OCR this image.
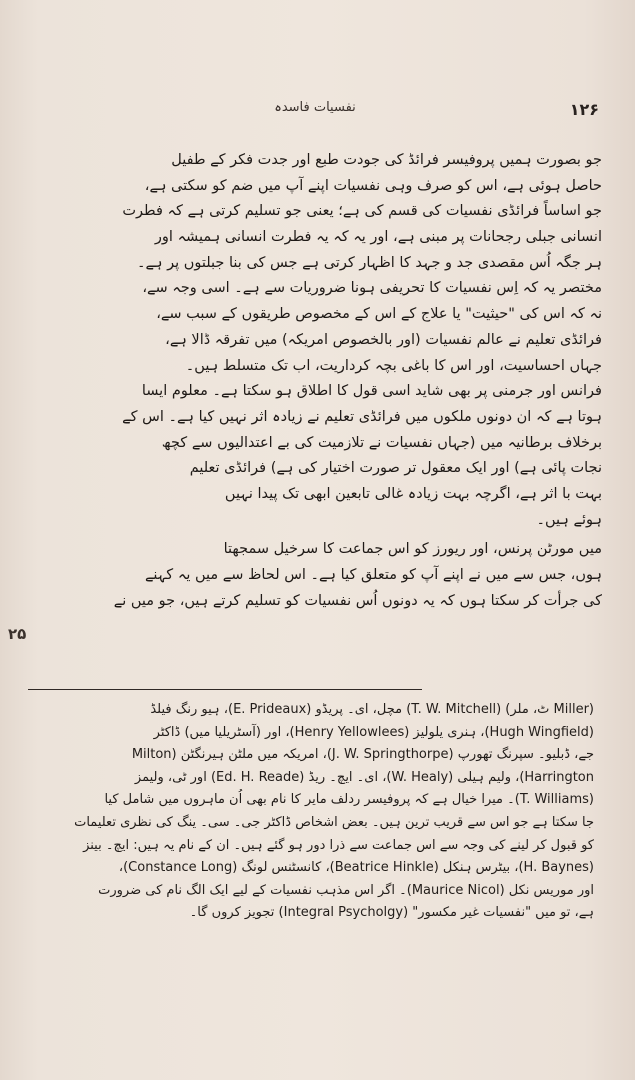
نفسیات فاسدہ	۱۲۶
جو بصورت ہمیں پروفیسر فرائڈ کی جودت طبع اور جدت فکر کے طفیل
حاصل ہوئی ہے، اس کو صرف وہی نفسیات اپنے آپ میں ضم کو سکتی ہے،
جو اساساً فرائڈی نفسیات کی قسم کی ہے؛ یعنی جو تسلیم کرتی ہے کہ فطرت
انسانی جبلی رجحانات پر مبنی ہے، اور یہ کہ یہ فطرت انسانی ہمیشہ اور
ہر جگہ اُس مقصدی جد و جہد کا اظہار کرتی ہے جس کی بنا جبلتوں پر ہے۔
مختصر یہ کہ اِس نفسیات کا تحریفی ہونا ضروریات سے ہے۔ اسی وجہ سے،
نہ کہ اس کی "حیثیت" یا علاج کے اس کے مخصوص طریقوں کے سبب سے،
فرائڈی تعلیم نے عالم نفسیات (اور بالخصوص امریکہ) میں تفرقہ ڈالا ہے،
جہاں احساسیت، اور اس کا باغی بچہ کرداریت، اب تک متسلط ہیں۔
فرانس اور جرمنی پر بھی شاید اسی قول کا اطلاق ہو سکتا ہے۔ معلوم ایسا
ہوتا ہے کہ ان دونوں ملکوں میں فرائڈی تعلیم نے زیادہ اثر نہیں کیا ہے۔ اس کے
برخلاف برطانیہ میں (جہاں نفسیات نے تلازمیت کی بے اعتدالیوں سے کچھ
نجات پائی ہے) اور ایک معقول تر صورت اختیار کی ہے) فرائڈی تعلیم
بہت با اثر ہے، اگرچہ بہت زیادہ غالی تابعین ابھی تک پیدا نہیں
ہوئے ہیں۔
میں مورٹن پرنس، اور ریورز کو اس جماعت کا سرخیل سمجھتا
ہوں، جس سے میں نے اپنے آپ کو متعلق کیا ہے۔ اس لحاظ سے میں یہ کہنے
کی جرأت کر سکتا ہوں کہ یہ دونوں اُس نفسیات کو تسلیم کرتے ہیں، جو میں نے
۲۵
(Miller ٹ، ملر) (T. W. Mitchell) مچل، ای۔ پریڈو (E. Prideaux)، ہیو رنگ فیلڈ
(Hugh Wingfield)، ہنری یلولیز (Henry Yellowlees)، اور (آسٹریلیا میں) ڈاکٹر
جے، ڈبلیو۔ سپرنگ تھورپ (J. W. Springthorpe)، امریکہ میں ملٹن ہیرنگٹن (Milton
Harrington)، ولیم ہیلی (W. Healy)، ای۔ ایچ۔ ریڈ (Ed. H. Reade) اور ٹی، ولیمز
(T. Williams)۔ میرا خیال ہے کہ پروفیسر ردلف مایر کا نام بھی اُن ماہروں میں شامل کیا
جا سکتا ہے جو اس سے قریب ترین ہیں۔ بعض اشخاص ڈاکٹر جی۔ سی۔ ینگ کی نظری تعلیمات
کو قبول کر لینے کی وجہ سے اس جماعت سے ذرا دور ہو گئے ہیں۔ ان کے نام یہ ہیں: ایچ۔ بینز
(H. Baynes)، بیٹرس ہنکل (Beatrice Hinkle)، کانسٹنس لونگ (Constance Long)،
اور موریس نکل (Maurice Nicol)۔ اگر اس مذہب نفسیات کے لیے ایک الگ نام کی ضرورت
ہے، تو میں "نفسیات غیر مکسور" (Integral Psycholgy) تجویز کروں گا۔
